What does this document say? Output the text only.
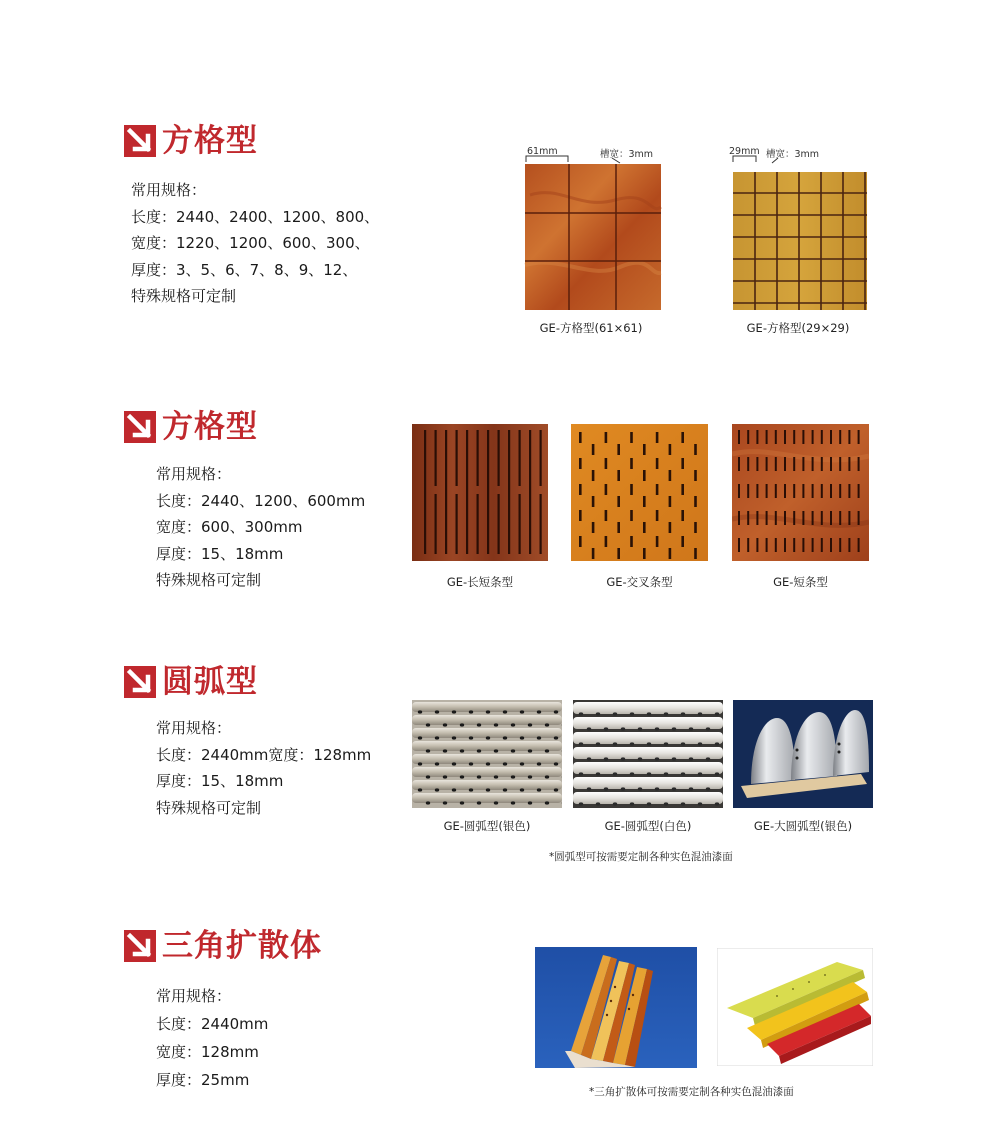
方格型
常用规格：
长度：2440、2400、1200、800、
宽度：1220、1200、600、300、
厚度：3、5、6、7、8、9、12、
特殊规格可定制
61mm	槽宽：3mm
GE-方格型(61×61)
29mm 槽宽：3mm
GE-方格型(29×29)
方格型
常用规格：
长度：2440、1200、600mm
宽度：600、300mm
厚度：15、18mm
特殊规格可定制	GE-长短条型	GE-交叉条型	GE-短条型
圆弧型
常用规格：
长度：2440mm宽度：128mm
厚度：15、18mm
特殊规格可定制
GE-圆弧型(银色)	GE-圆弧型(白色)	GE-大圆弧型(银色)
*圆弧型可按需要定制各种实色混油漆面
三角扩散体
常用规格：
长度：2440mm
宽度：128mm
厚度：25mm
*三角扩散体可按需要定制各种实色混油漆面
